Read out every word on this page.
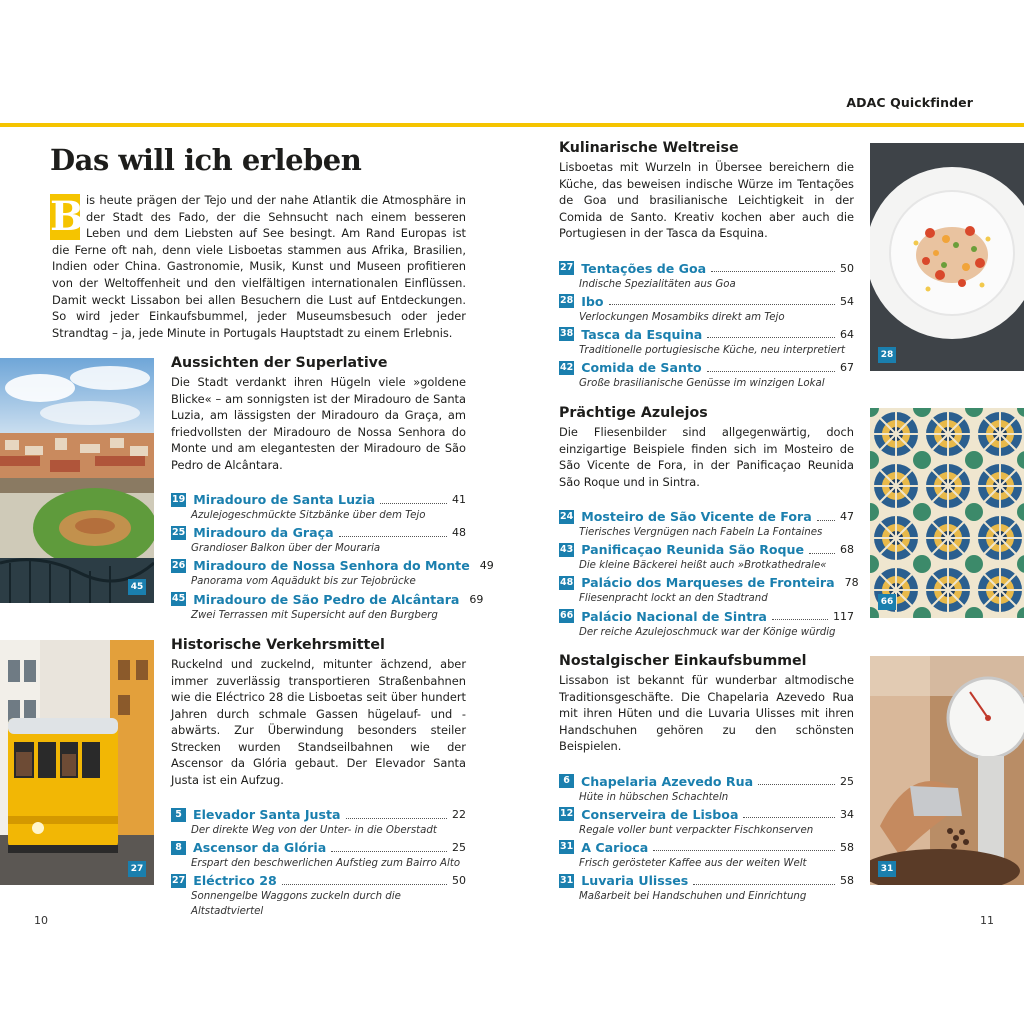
ADAC Quickfinder
Das will ich erleben
B is heute prägen der Tejo und der nahe Atlantik die Atmosphäre in der Stadt des Fado, der die Sehnsucht nach einem besseren Leben und dem Liebsten auf See besingt. Am Rand Europas ist die Ferne oft nah, denn viele Lisboetas stammen aus Afrika, Brasilien, Indien oder China. Gastronomie, Musik, Kunst und Museen profitieren von der Weltoffenheit und den vielfältigen internationalen Einflüssen. Damit weckt Lissabon bei allen Besuchern die Lust auf Entdeckungen. So wird jeder Einkaufsbummel, jeder Museumsbesuch oder jeder Strandtag – ja, jede Minute in Portugals Hauptstadt zu einem Erlebnis.
45
27
28
66
31
Aussichten der Superlative
Die Stadt verdankt ihren Hügeln viele »goldene Blicke« – am sonnigsten ist der Miradouro de Santa Luzia, am lässigsten der Miradouro da Graça, am friedvollsten der Miradouro de Nossa Senhora do Monte und am elegantesten der Miradouro de São Pedro de Alcântara.
19 Miradouro de Santa Luzia	41
Azulejogeschmückte Sitzbänke über dem Tejo
25 Miradouro da Graça	48
Grandioser Balkon über der Mouraria
26 Miradouro de Nossa Senhora do Monte 49
Panorama vom Aquädukt bis zur Tejobrücke
45 Miradouro de São Pedro de Alcântara 69
Zwei Terrassen mit Supersicht auf den Burgberg
Historische Verkehrsmittel
Ruckelnd und zuckelnd, mitunter ächzend, aber immer zuverlässig transportieren Straßenbahnen wie die Eléctrico 28 die Lisboetas seit über hundert Jahren durch schmale Gassen hügelauf- und -abwärts. Zur Überwindung besonders steiler Strecken wurden Standseilbahnen wie der Ascensor da Glória gebaut. Der Elevador Santa Justa ist ein Aufzug.
5 Elevador Santa Justa	22
Der direkte Weg von der Unter- in die Oberstadt
8 Ascensor da Glória	25
Erspart den beschwerlichen Aufstieg zum Bairro Alto
27 Eléctrico 28	50
Sonnengelbe Waggons zuckeln durch die Altstadtviertel
Kulinarische Weltreise
Lisboetas mit Wurzeln in Übersee bereichern die Küche, das beweisen indische Würze im Tentações de Goa und brasilianische Leichtigkeit in der Comida de Santo. Kreativ kochen aber auch die Portugiesen in der Tasca da Esquina.
27 Tentações de Goa	50
Indische Spezialitäten aus Goa
28 Ibo	54
Verlockungen Mosambiks direkt am Tejo
38 Tasca da Esquina	64
Traditionelle portugiesische Küche, neu interpretiert
42 Comida de Santo	67
Große brasilianische Genüsse im winzigen Lokal
Prächtige Azulejos
Die Fliesenbilder sind allgegenwärtig, doch einzigartige Beispiele finden sich im Mosteiro de São Vicente de Fora, in der Panificaçao Reunida São Roque und in Sintra.
24 Mosteiro de São Vicente de Fora	47
Tierisches Vergnügen nach Fabeln La Fontaines
43 Panificaçao Reunida São Roque	68
Die kleine Bäckerei heißt auch »Brotkathedrale«
48 Palácio dos Marqueses de Fronteira 78
Fliesenpracht lockt an den Stadtrand
66 Palácio Nacional de Sintra	117
Der reiche Azulejoschmuck war der Könige würdig
Nostalgischer Einkaufsbummel
Lissabon ist bekannt für wunderbar altmodische Traditionsgeschäfte. Die Chapelaria Azevedo Rua mit ihren Hüten und die Luvaria Ulisses mit ihren Handschuhen gehören zu den schönsten Beispielen.
6 Chapelaria Azevedo Rua	25
Hüte in hübschen Schachteln
12 Conserveira de Lisboa	34
Regale voller bunt verpackter Fischkonserven
31 A Carioca	58
Frisch gerösteter Kaffee aus der weiten Welt
31 Luvaria Ulisses	58
Maßarbeit bei Handschuhen und Einrichtung
10	11
